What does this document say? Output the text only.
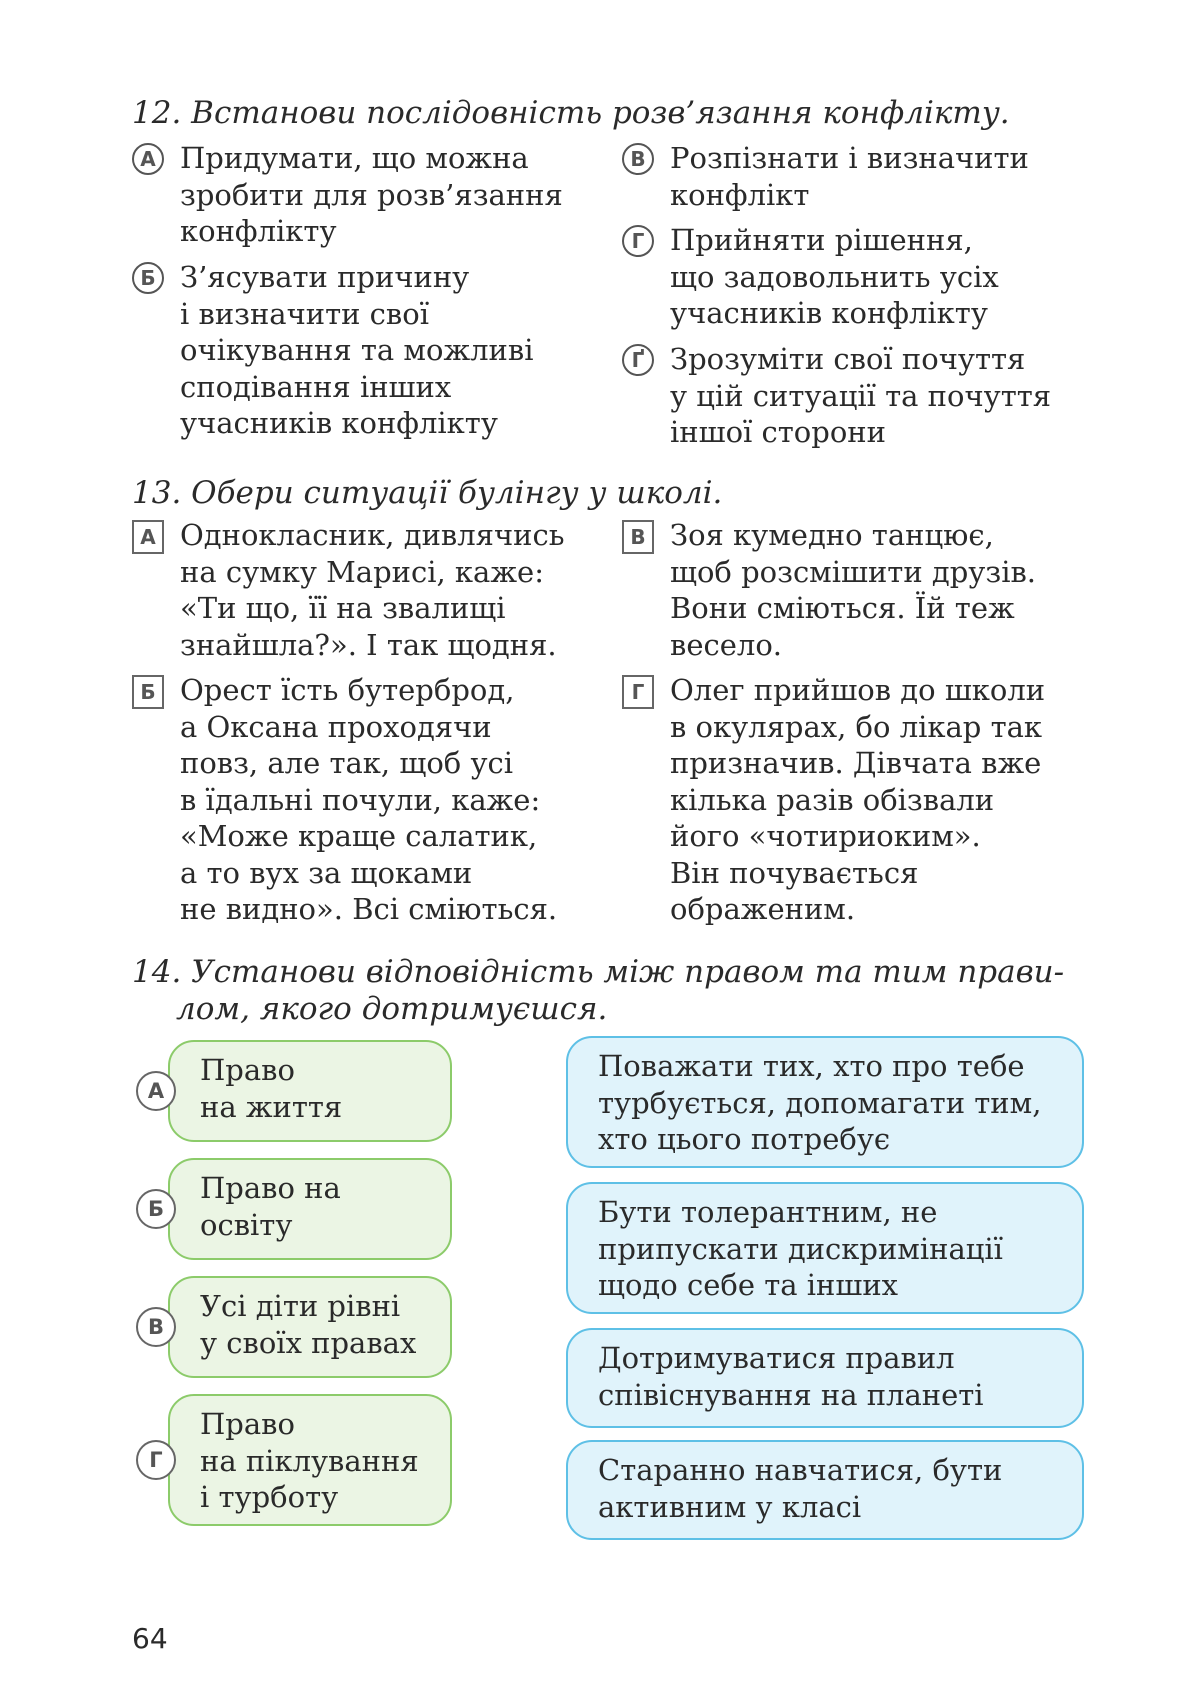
12. Встанови послідовність розв’язання конфлікту.
А Придумати, що можна
зробити для розв’язання
конфлікту
Б З’ясувати причину
і визначити свої
очікування та можливі
сподівання інших
учасників конфлікту
В Розпізнати і визначити
конфлікт
Г Прийняти рішення,
що задовольнить усіх
учасників конфлікту
Ґ Зрозуміти свої почуття
у цій ситуації та почуття
іншої сторони
13. Обери ситуації булінгу у школі.
А Однокласник, дивлячись
на сумку Марисі, каже:
«Ти що, її на звалищі
знайшла?». І так щодня.
Б Орест їсть бутерброд,
а Оксана проходячи
повз, але так, щоб усі
в їдальні почули, каже:
«Може краще салатик,
а то вух за щоками
не видно». Всі сміються.
В Зоя кумедно танцює,
щоб розсмішити друзів.
Вони сміються. Їй теж
весело.
Г Олег прийшов до школи
в окулярах, бо лікар так
призначив. Дівчата вже
кілька разів обізвали
його «чотириоким».
Він почувається
ображеним.
14. Установи відповідність між правом та тим прави-
лом, якого дотримуєшся.
Право
на життя
А
Право на
освіту
Б
Усі діти рівні
у своїх правах
В
Право
на піклування
і турботу
Г
Поважати тих, хто про тебе
турбується, допомагати тим,
хто цього потребує
Бути толерантним, не
припускати дискримінації
щодо себе та інших
Дотримуватися правил
співіснування на планеті
Старанно навчатися, бути
активним у класі
64
